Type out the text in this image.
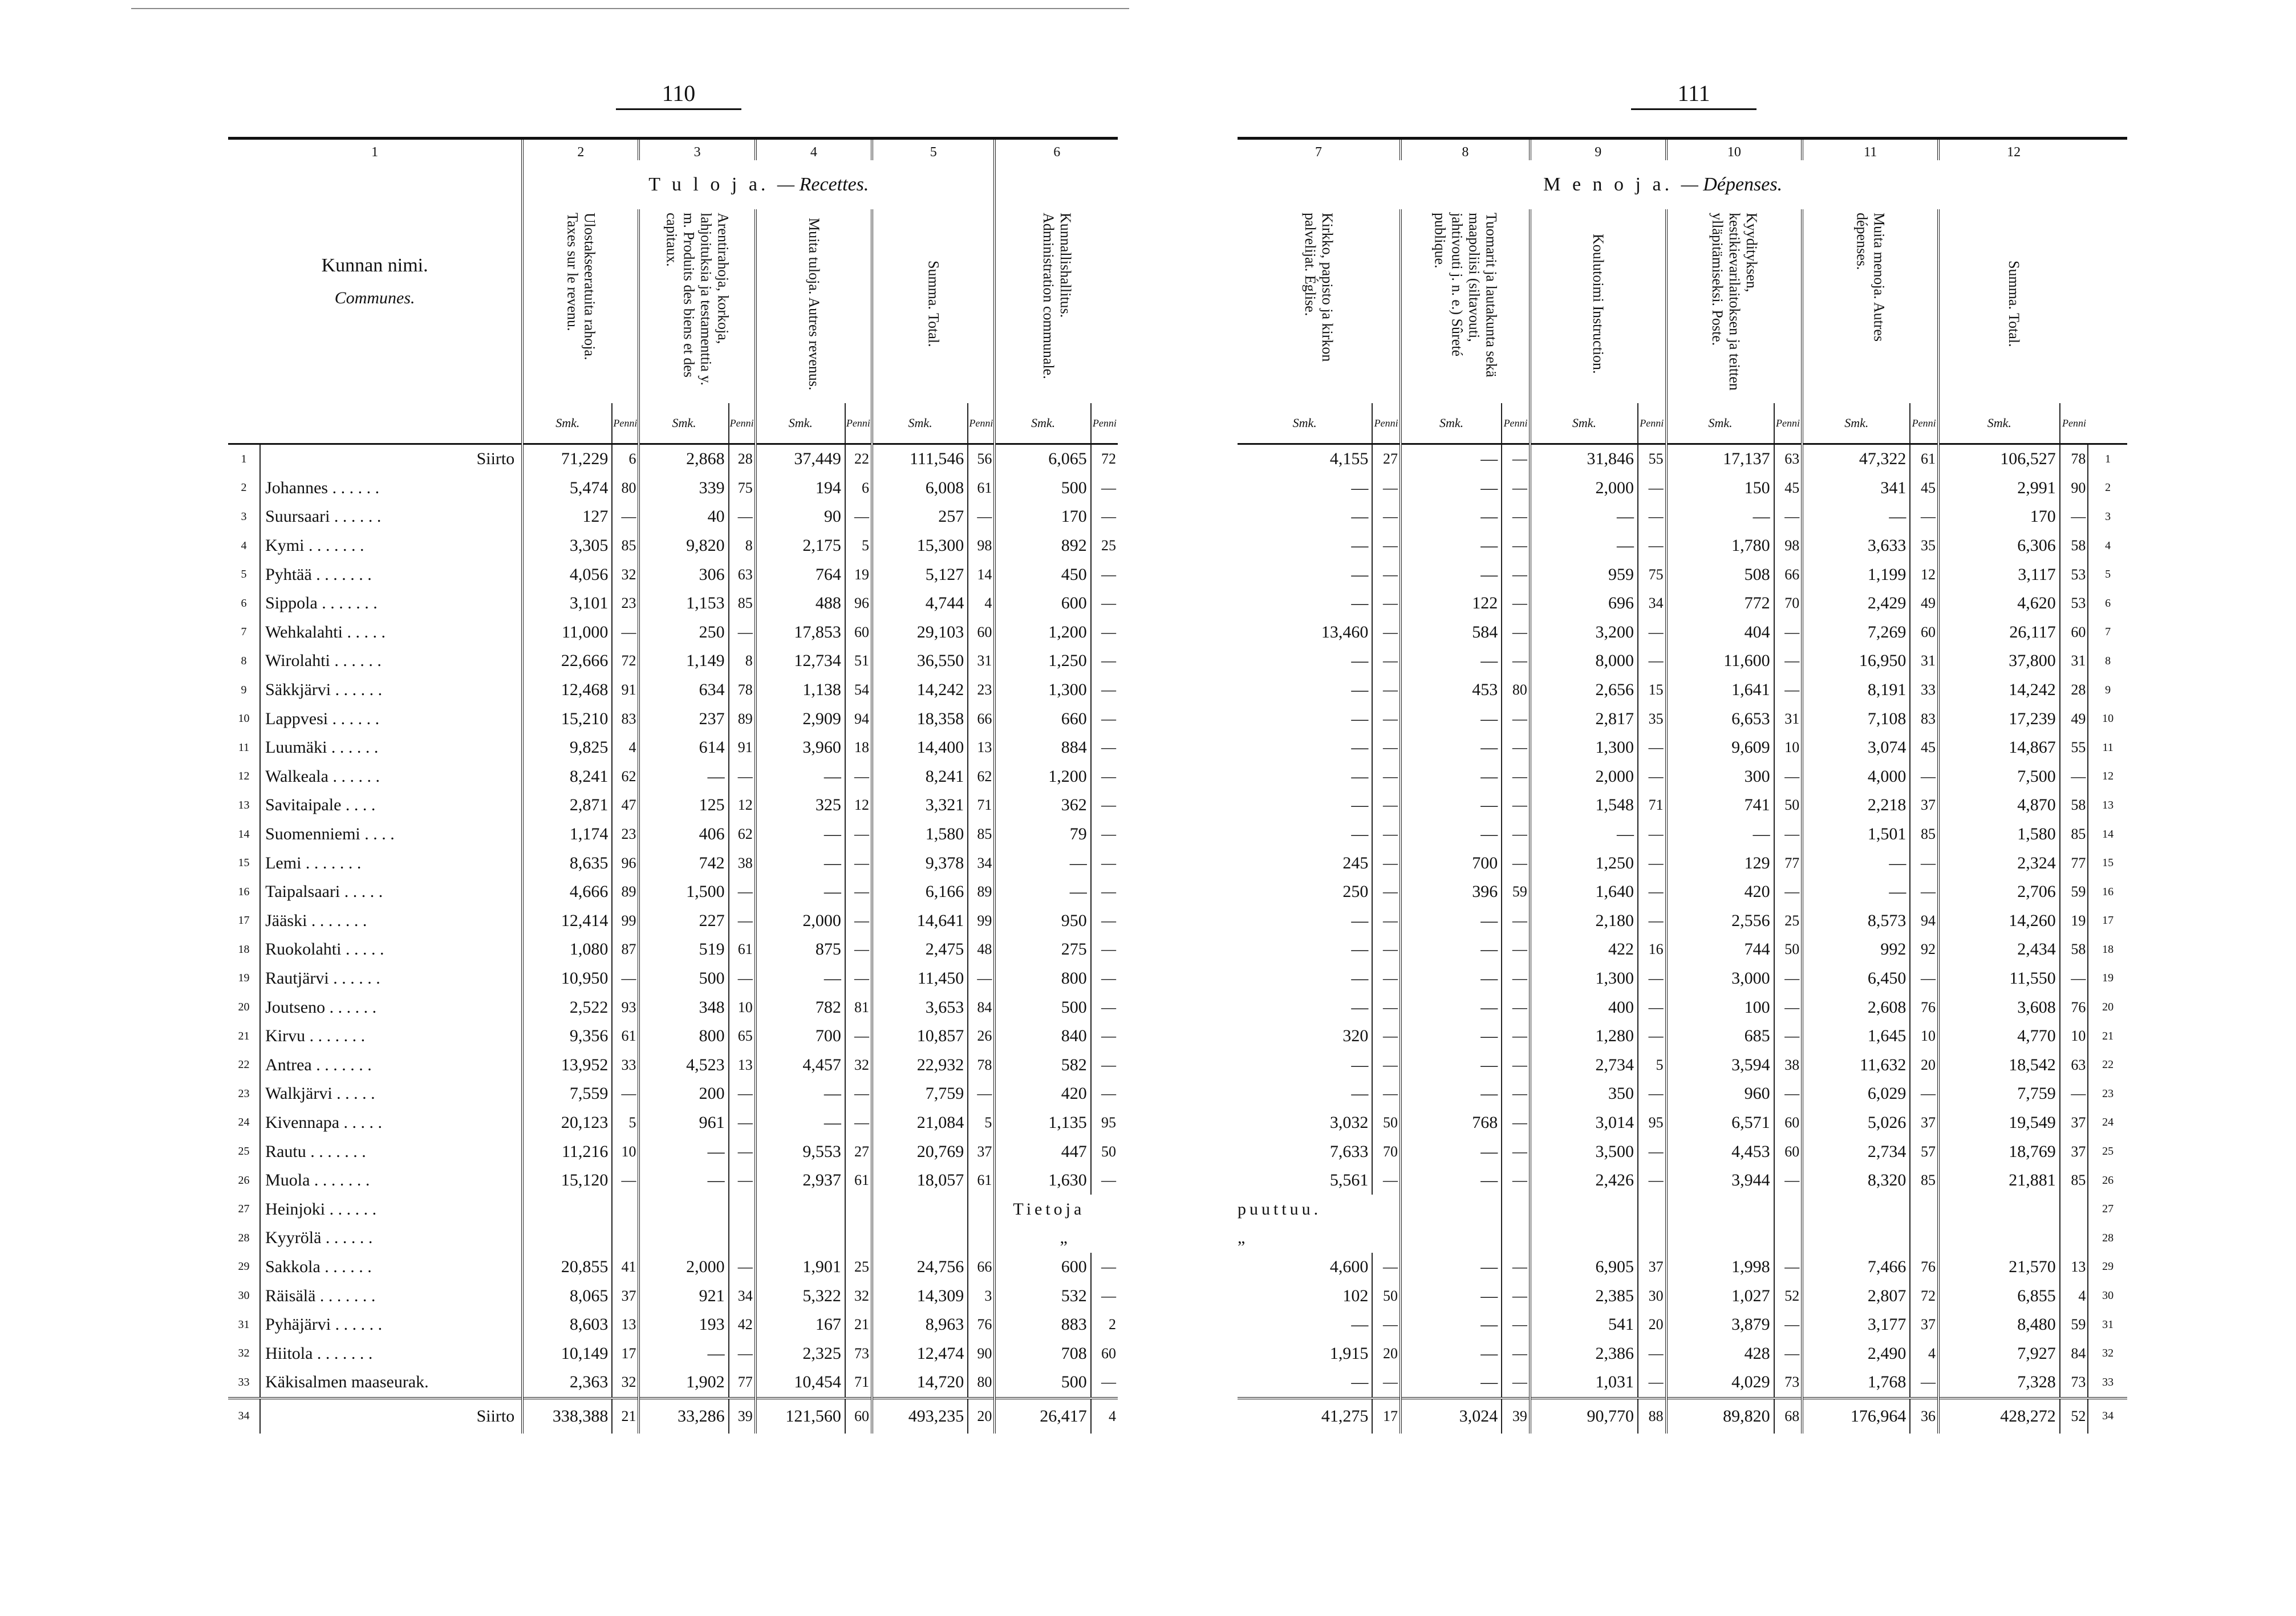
110
1		2		3		4		5		6	

Kunnan nimi.
Communes.		T u l o j a. — Recettes.									
		Ulostakseeratuita rahoja. Taxes sur le revenu.		Arentirahoja, korkoja, lahjoituksia ja testamenttia y. m. Produits des biens et des capitaux.		Muita tuloja. Autres revenus.		Summa. Total.		Kunnallishallitus. Administration communale.	
		Smk.	Penni	Smk.	Penni	Smk.	Penni	Smk.	Penni	Smk.	Penni
1	Siirto	71,229	6	2,868	28	37,449	22	111,546	56	6,065	72
2	Johannes . . . . . .	5,474	80	339	75	194	6	6,008	61	500	—
3	Suursaari . . . . . .	127	—	40	—	90	—	257	—	170	—
4	Kymi . . . . . . .	3,305	85	9,820	8	2,175	5	15,300	98	892	25
5	Pyhtää . . . . . . .	4,056	32	306	63	764	19	5,127	14	450	—
6	Sippola . . . . . . .	3,101	23	1,153	85	488	96	4,744	4	600	—
7	Wehkalahti . . . . .	11,000	—	250	—	17,853	60	29,103	60	1,200	—
8	Wirolahti . . . . . .	22,666	72	1,149	8	12,734	51	36,550	31	1,250	—
9	Säkkjärvi . . . . . .	12,468	91	634	78	1,138	54	14,242	23	1,300	—
10	Lappvesi . . . . . .	15,210	83	237	89	2,909	94	18,358	66	660	—
11	Luumäki . . . . . .	9,825	4	614	91	3,960	18	14,400	13	884	—
12	Walkeala . . . . . .	8,241	62	—	—	—	—	8,241	62	1,200	—
13	Savitaipale . . . .	2,871	47	125	12	325	12	3,321	71	362	—
14	Suomenniemi . . . .	1,174	23	406	62	—	—	1,580	85	79	—
15	Lemi . . . . . . .	8,635	96	742	38	—	—	9,378	34	—	—
16	Taipalsaari . . . . .	4,666	89	1,500	—	—	—	6,166	89	—	—
17	Jääski . . . . . . .	12,414	99	227	—	2,000	—	14,641	99	950	—
18	Ruokolahti . . . . .	1,080	87	519	61	875	—	2,475	48	275	—
19	Rautjärvi . . . . . .	10,950	—	500	—	—	—	11,450	—	800	—
20	Joutseno . . . . . .	2,522	93	348	10	782	81	3,653	84	500	—
21	Kirvu . . . . . . .	9,356	61	800	65	700	—	10,857	26	840	—
22	Antrea . . . . . . .	13,952	33	4,523	13	4,457	32	22,932	78	582	—
23	Walkjärvi . . . . .	7,559	—	200	—	—	—	7,759	—	420	—
24	Kivennapa . . . . .	20,123	5	961	—	—	—	21,084	5	1,135	95
25	Rautu . . . . . . .	11,216	10	—	—	9,553	27	20,769	37	447	50
26	Muola . . . . . . .	15,120	—	—	—	2,937	61	18,057	61	1,630	—
27	Heinjoki . . . . . .									Tietoja	
28	Kyyrölä . . . . . .									„	
29	Sakkola . . . . . .	20,855	41	2,000	—	1,901	25	24,756	66	600	—
30	Räisälä . . . . . . .	8,065	37	921	34	5,322	32	14,309	3	532	—
31	Pyhäjärvi . . . . . .	8,603	13	193	42	167	21	8,963	76	883	2
32	Hiitola . . . . . . .	10,149	17	—	—	2,325	73	12,474	90	708	60
33	Käkisalmen maaseurak.	2,363	32	1,902	77	10,454	71	14,720	80	500	—
34	Siirto	338,388	21	33,286	39	121,560	60	493,235	20	26,417	4
111
7		8		9		10		11		12		
M e n o j a. — Dépenses.												
Kirkko, papisto ja kirkon palvelijat. Église.		Tuomarit ja lautakunta sekä maapoliisi (siltavouti, jahtivouti j. n. e.) Sûreté publique.		Koulutoimi Instruction.		Kyydityksen, kestikievarilaitoksen ja teitten ylläpitämiseksi. Poste.		Muita menoja. Autres dépenses.		Summa. Total.		
Smk.	Penni	Smk.	Penni	Smk.	Penni	Smk.	Penni	Smk.	Penni	Smk.	Penni	
4,155	27	—	—	31,846	55	17,137	63	47,322	61	106,527	78	1
—	—	—	—	2,000	—	150	45	341	45	2,991	90	2
—	—	—	—	—	—	—	—	—	—	170	—	3
—	—	—	—	—	—	1,780	98	3,633	35	6,306	58	4
—	—	—	—	959	75	508	66	1,199	12	3,117	53	5
—	—	122	—	696	34	772	70	2,429	49	4,620	53	6
13,460	—	584	—	3,200	—	404	—	7,269	60	26,117	60	7
—	—	—	—	8,000	—	11,600	—	16,950	31	37,800	31	8
—	—	453	80	2,656	15	1,641	—	8,191	33	14,242	28	9
—	—	—	—	2,817	35	6,653	31	7,108	83	17,239	49	10
—	—	—	—	1,300	—	9,609	10	3,074	45	14,867	55	11
—	—	—	—	2,000	—	300	—	4,000	—	7,500	—	12
—	—	—	—	1,548	71	741	50	2,218	37	4,870	58	13
—	—	—	—	—	—	—	—	1,501	85	1,580	85	14
245	—	700	—	1,250	—	129	77	—	—	2,324	77	15
250	—	396	59	1,640	—	420	—	—	—	2,706	59	16
—	—	—	—	2,180	—	2,556	25	8,573	94	14,260	19	17
—	—	—	—	422	16	744	50	992	92	2,434	58	18
—	—	—	—	1,300	—	3,000	—	6,450	—	11,550	—	19
—	—	—	—	400	—	100	—	2,608	76	3,608	76	20
320	—	—	—	1,280	—	685	—	1,645	10	4,770	10	21
—	—	—	—	2,734	5	3,594	38	11,632	20	18,542	63	22
—	—	—	—	350	—	960	—	6,029	—	7,759	—	23
3,032	50	768	—	3,014	95	6,571	60	5,026	37	19,549	37	24
7,633	70	—	—	3,500	—	4,453	60	2,734	57	18,769	37	25
5,561	—	—	—	2,426	—	3,944	—	8,320	85	21,881	85	26
puuttuu.												27
„												28
4,600	—	—	—	6,905	37	1,998	—	7,466	76	21,570	13	29
102	50	—	—	2,385	30	1,027	52	2,807	72	6,855	4	30
—	—	—	—	541	20	3,879	—	3,177	37	8,480	59	31
1,915	20	—	—	2,386	—	428	—	2,490	4	7,927	84	32
—	—	—	—	1,031	—	4,029	73	1,768	—	7,328	73	33
41,275	17	3,024	39	90,770	88	89,820	68	176,964	36	428,272	52	34
